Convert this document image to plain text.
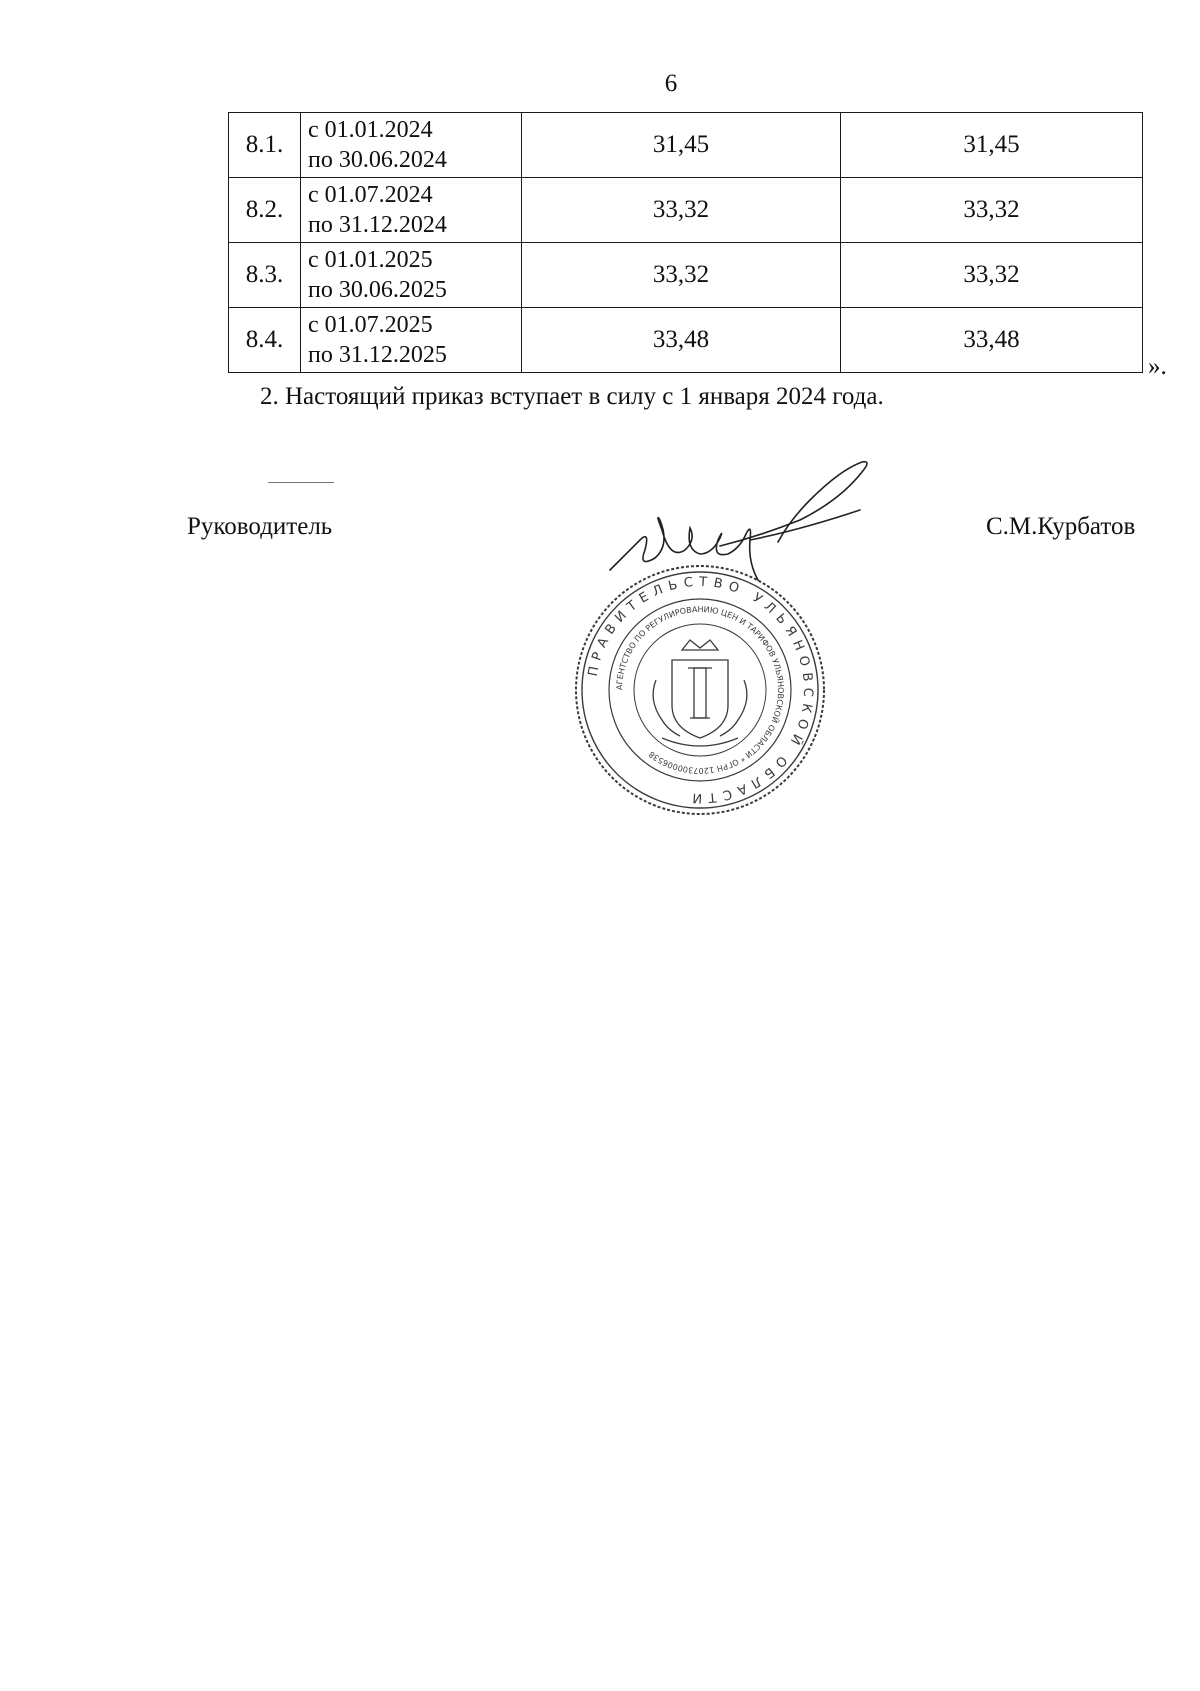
6
8.1.	с 01.01.2024
по 30.06.2024	31,45	31,45
8.2.	с 01.07.2024
по 31.12.2024	33,32	33,32
8.3.	с 01.01.2025
по 30.06.2025	33,32	33,32
8.4.	с 01.07.2025
по 31.12.2025	33,48	33,48
».
2. Настоящий приказ вступает в силу с 1 января 2024 года.
Руководитель	С.М.Курбатов
ПРАВИТЕЛЬСТВО УЛЬЯНОВСКОЙ ОБЛАСТИ
АГЕНТСТВО ПО РЕГУЛИРОВАНИЮ ЦЕН И ТАРИФОВ УЛЬЯНОВСКОЙ ОБЛАСТИ * ОГРН 1207300006538
